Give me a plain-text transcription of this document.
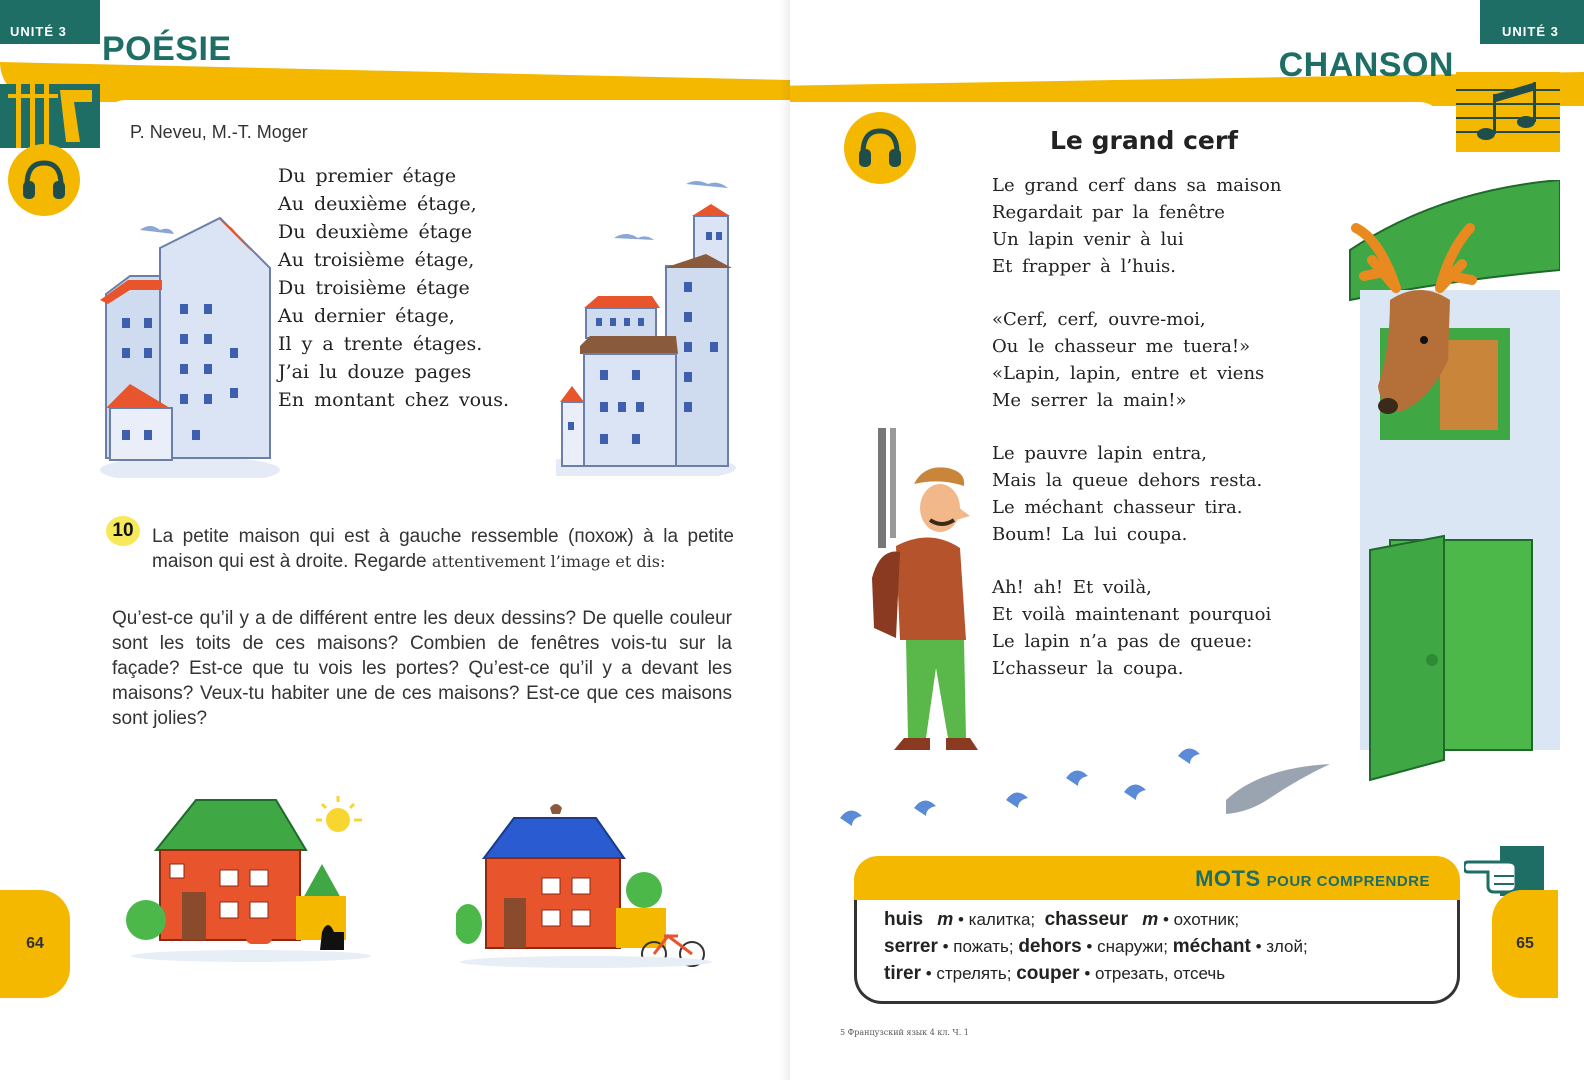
UNITÉ 3	POÉSIE
P. Neveu, M.-T. Moger
Du premier étage
Au deuxième étage,
Du deuxième étage
Au troisième étage,
Du troisième étage
Au dernier étage,
Il y a trente étages.
J’ai lu douze pages
En montant chez vous.
10 La petite maison qui est à gauche ressemble (похож) à la petite maison qui est à droite. Regarde attentivement l’image et dis:
Qu’est-ce qu’il y a de différent entre les deux dessins? De quelle couleur sont les toits de ces maisons? Combien de fenêtres vois-tu sur la façade? Est-ce que tu vois les portes? Qu’est-ce qu’il y a devant les maisons? Veux-tu habiter une de ces maisons? Est-ce que ces maisons sont jolies?
64
UNITÉ 3
CHANSON
Le grand cerf
Le grand cerf dans sa maison
Regardait par la fenêtre
Un lapin venir à lui
Et frapper à l’huis.
«Cerf, cerf, ouvre-moi,
Ou le chasseur me tuera!»
«Lapin, lapin, entre et viens
Me serrer la main!»
Le pauvre lapin entra,
Mais la queue dehors resta.
Le méchant chasseur tira.
Boum! La lui coupa.
Ah! ah! Et voilà,
Et voilà maintenant pourquoi
Le lapin n’a pas de queue:
L’chasseur la coupa.
MOTS POUR COMPRENDRE
huis m • калитка; chasseur m • охотник;
serrer • пожать; dehors • снаружи; méchant • злой;
tirer • стрелять; couper • отрезать, отсечь
65
5 Французский язык 4 кл. Ч. 1
